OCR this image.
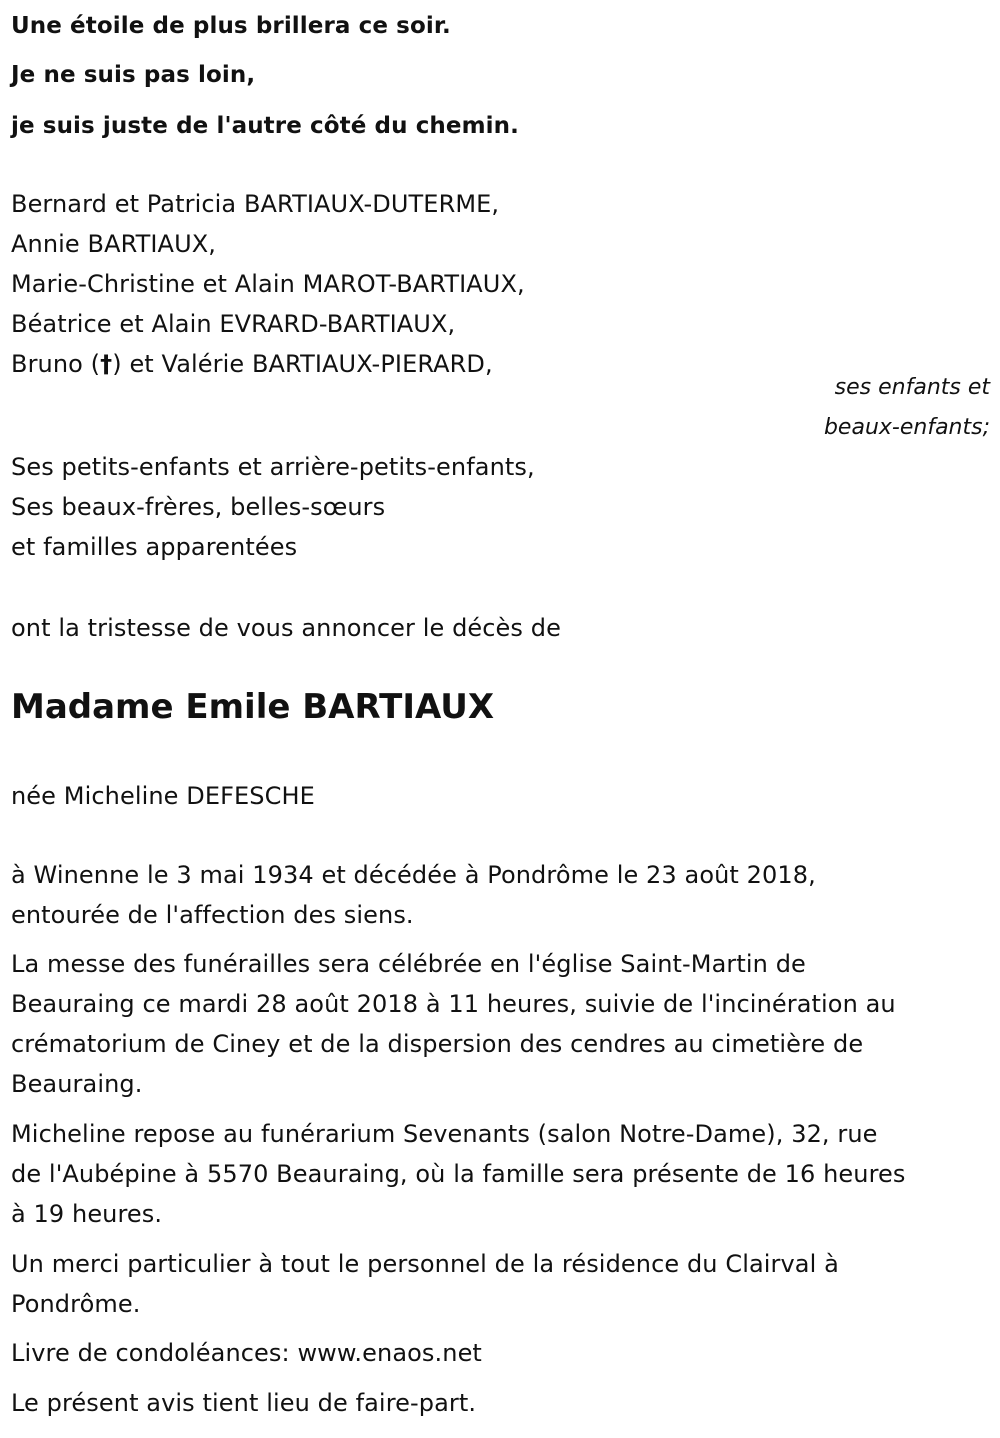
Une étoile de plus brillera ce soir.

Je ne suis pas loin,

je suis juste de l'autre côté du chemin.

Bernard et Patricia BARTIAUX-DUTERME,

Annie BARTIAUX,

Marie-Christine et Alain MAROT-BARTIAUX,

Béatrice et Alain EVRARD-BARTIAUX,

Bruno (†) et Valérie BARTIAUX-PIERARD,

ses enfants et

beaux-enfants;

Ses petits-enfants et arrière-petits-enfants,

Ses beaux-frères, belles-sœurs

et familles apparentées

ont la tristesse de vous annoncer le décès de

Madame Emile BARTIAUX

née Micheline DEFESCHE

à Winenne le 3 mai 1934 et décédée à Pondrôme le 23 août 2018,

entourée de l'affection des siens.

La messe des funérailles sera célébrée en l'église Saint-Martin de

Beauraing ce mardi 28 août 2018 à 11 heures, suivie de l'incinération au

crématorium de Ciney et de la dispersion des cendres au cimetière de

Beauraing.

Micheline repose au funérarium Sevenants (salon Notre-Dame), 32, rue

de l'Aubépine à 5570 Beauraing, où la famille sera présente de 16 heures

à 19 heures.

Un merci particulier à tout le personnel de la résidence du Clairval à

Pondrôme.

Livre de condoléances: www.enaos.net

Le présent avis tient lieu de faire-part.
